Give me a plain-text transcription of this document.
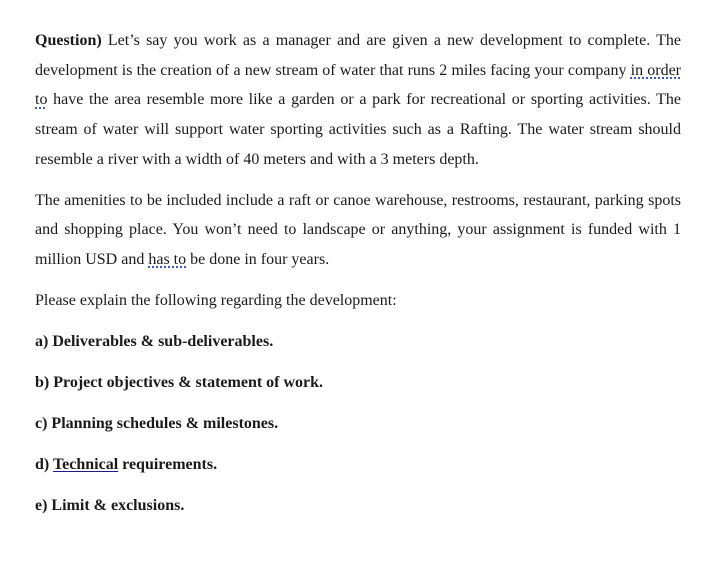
Question) Let’s say you work as a manager and are given a new development to complete. The development is the creation of a new stream of water that runs 2 miles facing your company in order to have the area resemble more like a garden or a park for recreational or sporting activities. The stream of water will support water sporting activities such as a Rafting. The water stream should resemble a river with a width of 40 meters and with a 3 meters depth.

The amenities to be included include a raft or canoe warehouse, restrooms, restaurant, parking spots and shopping place. You won’t need to landscape or anything, your assignment is funded with 1 million USD and has to be done in four years.

Please explain the following regarding the development:

a) Deliverables & sub-deliverables.

b) Project objectives & statement of work.

c) Planning schedules & milestones.

d) Technical requirements.

e) Limit & exclusions.
